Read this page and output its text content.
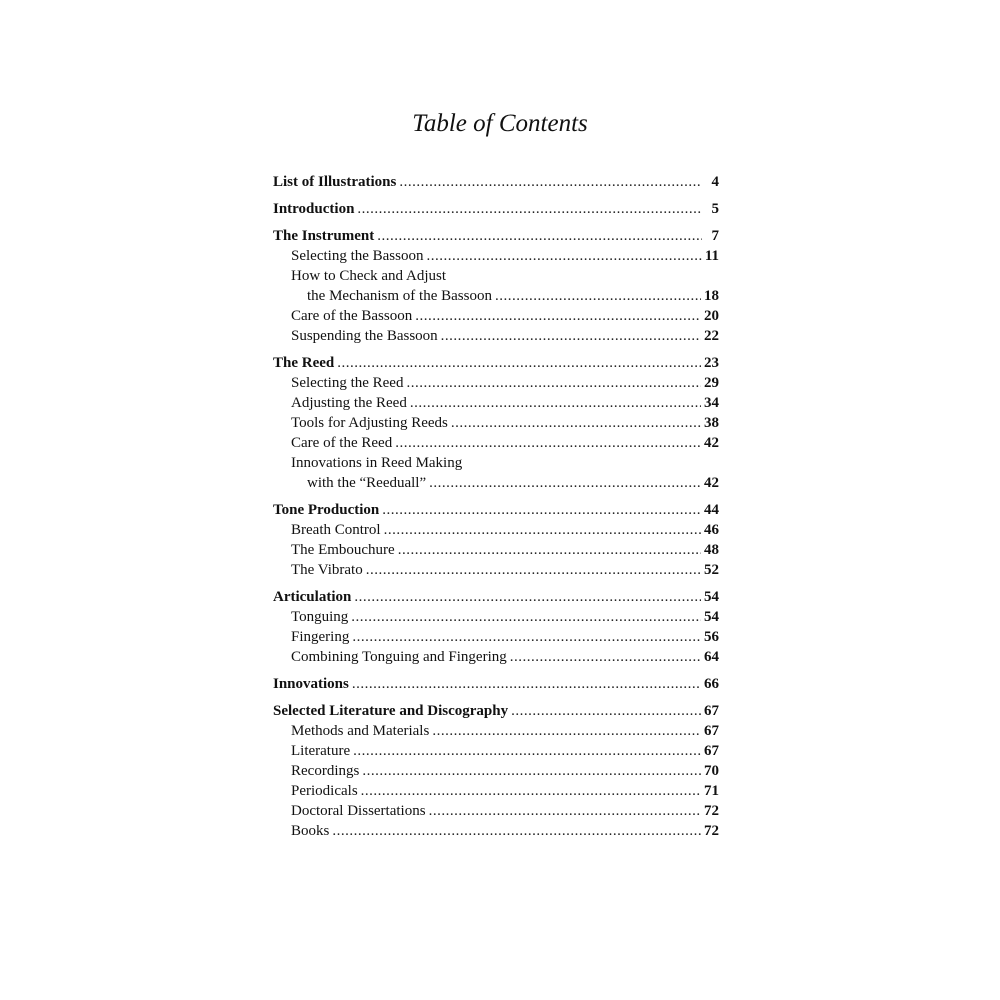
Table of Contents
List of Illustrations .....	4
Introduction .....	5
The Instrument .....	7
Selecting the Bassoon .....	11
How to Check and Adjust
the Mechanism of the Bassoon .....	18
Care of the Bassoon .....	20
Suspending the Bassoon .....	22
The Reed .....	23
Selecting the Reed .....	29
Adjusting the Reed .....	34
Tools for Adjusting Reeds .....	38
Care of the Reed .....	42
Innovations in Reed Making
with the “Reeduall” .....	42
Tone Production .....	44
Breath Control .....	46
The Embouchure .....	48
The Vibrato .....	52
Articulation .....	54
Tonguing .....	54
Fingering .....	56
Combining Tonguing and Fingering .....	64
Innovations .....	66
Selected Literature and Discography .....	67
Methods and Materials .....	67
Literature .....	67
Recordings .....	70
Periodicals .....	71
Doctoral Dissertations .....	72
Books .....	72
